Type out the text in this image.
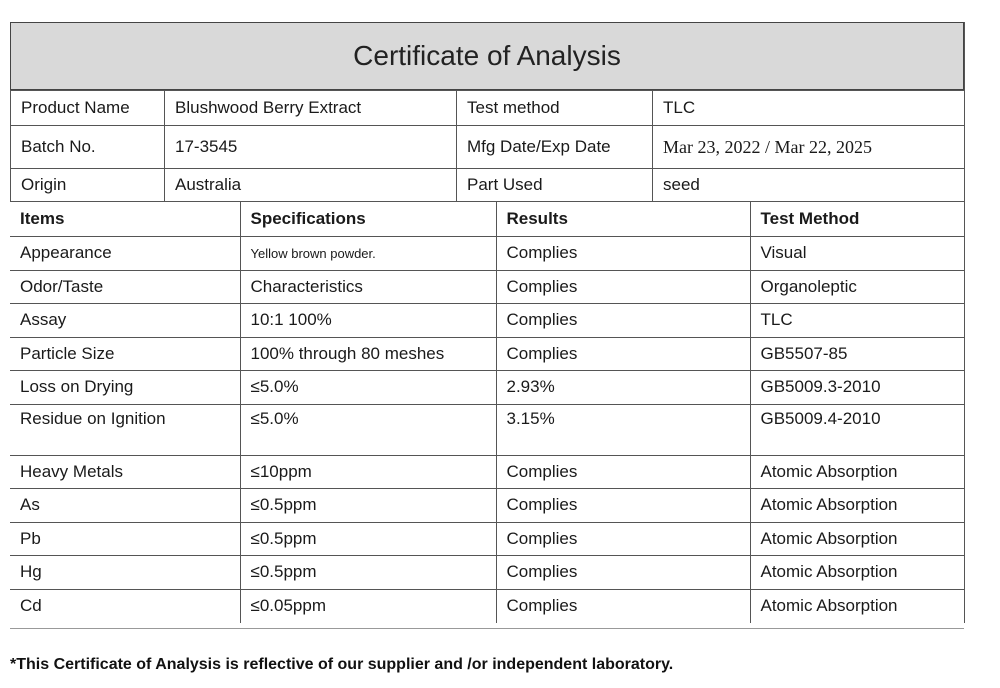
Certificate of Analysis
Product Name	Blushwood Berry Extract	Test method	TLC
Batch No.	17-3545	Mfg Date/Exp Date	Mar 23, 2022 / Mar 22, 2025
Origin	Australia	Part Used	seed
Items	Specifications	Results	Test Method
Appearance	Yellow brown powder.	Complies	Visual
Odor/Taste	Characteristics	Complies	Organoleptic
Assay	10:1 100%	Complies	TLC
Particle Size	100% through 80 meshes	Complies	GB5507-85
Loss on Drying	≤5.0%	2.93%	GB5009.3-2010
Residue on Ignition	≤5.0%	3.15%	GB5009.4-2010
Heavy Metals	≤10ppm	Complies	Atomic Absorption
As	≤0.5ppm	Complies	Atomic Absorption
Pb	≤0.5ppm	Complies	Atomic Absorption
Hg	≤0.5ppm	Complies	Atomic Absorption
Cd	≤0.05ppm	Complies	Atomic Absorption
*This Certificate of Analysis is reflective of our supplier and /or independent laboratory.
